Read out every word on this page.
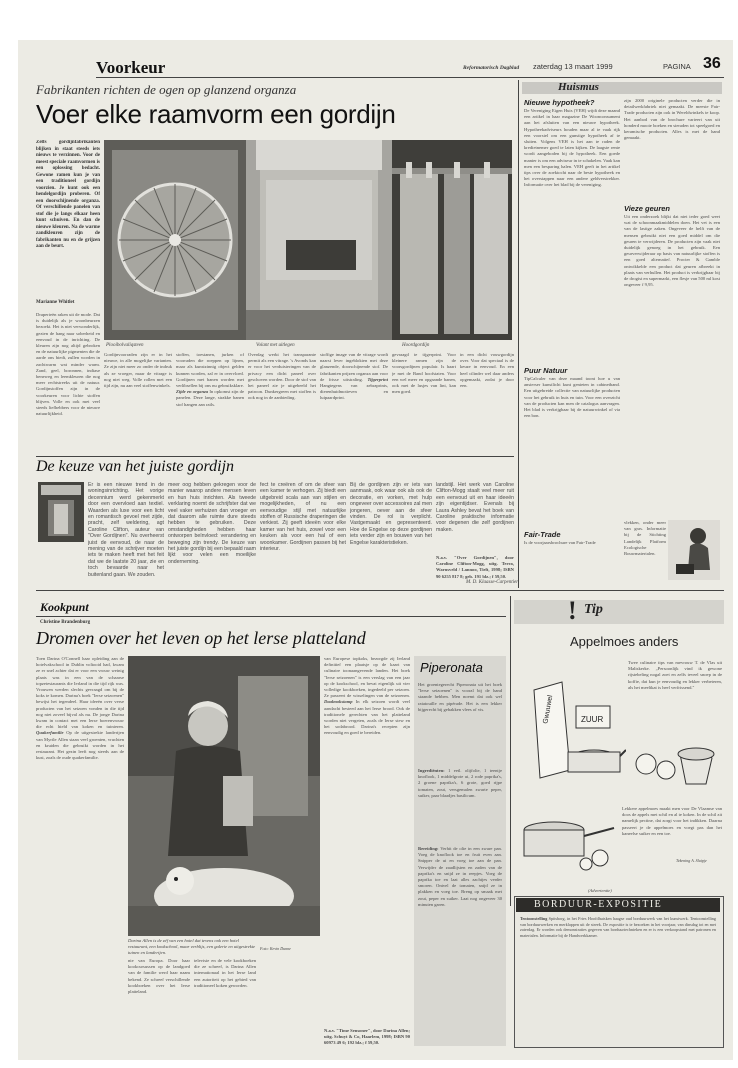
Voorkeur	Reformatorisch Dagblad zaterdag 13 maart 1999	PAGINA 36
Fabrikanten richten de ogen op glanzend organza
Voer elke raamvorm een gordijn
Zelfs gordijnfabrikanten blijken in staat steeds iets nieuws te verzinnen. Voor de meest speciale raamvormen is een oplossing bedacht. Gewone ramen kun je van een traditioneel gordijn voorzien. Je kunt ook een hendelgordijn proberen. Of een doorschijnende organza. Of verschillende panelen van stof die je langs elkaar heen kunt schuiven. En dan de nieuwe kleuren. Na de warme zandkleuren zijn de fabrikanten nu en de grijzen aan de beurt.
Marianne Whitlet
Draperieën raken uit de mode. Dat is duidelijk als je woonbeurzen bezoekt. Het is niet verwonderlijk, gezien de hang naar soberheid en eenvoud in de inrichting. De kleuren zijn nog altijd gebroken en de natuurlijke pigmenten die de aarde ons biedt, zullen worden in zachtwarm wat minder warm. Zand, geel, boronnen, indiase beneweg en leemkleuren die nog meer rechtstreeks uit de natuur. Gordijnstoffen zijn in de voorkeuren voor lichte stoffen blijven. Volle en ook met veel steeds liefhebbers voor de nieuwe natuurlijkheid.
Plooibolvaliqsteen	Volant met uitlegen	Hoordgordijn
Gordijnvoorraden zijn er in het nieuwe, in alle mogelijke varianten. Ze zijn niet meer zo onder de indruk als ze vroeger, maar de vitrage is nog niet weg. Volle rollen met een tijd zijn, nu aan veel stoffenwinkels.
stoffen, toestanen, jurken of voorraden die roeppen op lijnen, maar als kunstzinnig object gelden kunnen worden, zal er in overvloed. Gordijnen met banen worden met verlibsellen bij ons nu gebruiksklare. Zijde en organza In opkomst zijn de panelen. Deze lange, strakke banen stof hangen aan rails.
Overdag werkt het transparante permit als een vitrage. 's Avonds kan er voor het verduisteringen van de privacy een dicht paneel over geschoven worden. Door de stof van het paneel zie je uitgebeeld het patroon. Dunkergreen met stoffen is ook nog in de aanbieding.
stoffige image van de vitrage wordt naarst lever ingeblokten met deze glanzende, doorschijnende stof. De fabrikanten prijzen organza aan voor de frisse uitstraling. Tijgerprint Hangtegens van zebraprints, dierenhuidmotieven en luipaardprint.
gevraagd te tijgerprint. Voor kleinere ramen zijn de voorsgordijnen populair. Is haart je met de Band hoofstaten. Voor een wel meer en opgaande banen, ook met de lusjes van lint, kan men goed.
in een dicht vouwgordijn over. Voor dat speciaal is de keuze in eenvoud. En een heel cilinder wel daar anders opgemaakt, zodat je door een.
De keuze van het juiste gordijn
Er is een nieuwe trend in de woningsinrichting. Het vorige decennium werd gekenmerkt door een overvloed aan textiel. Waarden als luxe voor een licht en romantisch gevoel met zijde, pracht, zelf weldering, agt Caroline Clifton, auteur van "Over Gordijnen". Nu overheerst juist de eenvoud, de naar de mening van de schrijver moeten iets te maken heeft met het feit dat we de laatste 20 jaar, zie en toch bevaarde naar het buitenland gaan. We zouden.
meer oog hebben gekregen voor de manier waarop andere mensen leven en hun huis inrichten. Als tweede verklaring noemt de schrijfster dat we veel vaker verhuizen dan vroeger en dat daarom alle ruimte dure steeds hebben te gebruiken. Deze omstandigheden hebben haar ontworpen beïnvloed: verandering en beweging zijn trendy. De keuze van het juiste gordijn bij een bepaald raam lijkt voor velen een moeilijke onderneming.
fect te creëren of om de sfeer van een kamer te verhogen. Zij biedt een uitgebreid scala aan van stijlen en mogelijkheden, of nu een eenvoudige stijl met natuurlijke stoffen of Russische draperingen die verkiest. Zij geeft ideeën voor elke kamer van het huis, zowel voor een keuken als voor een hal of een woonkamer. Gordijnen passen bij het interieur.
Bij de gordijnen zijn er iets van aanmaak, ook waar ook als ook de decoratie, en vorken, met hulp ongeveer over accessoires zal men jongeren, oever aan de sfeer vinden. De rol is verplicht. Vastgemaakt en gepresenteerd. Hoe de Engelse op deze gordijnen iets verder zijn en bouwen van het Engelse karakteristieken.
landstijl. Het werk van Caroline Clifton-Mogg staalt veel meer ruit een eenvoud uit en haar ideeën zijn eigentijdser. Evenals bij Laura Ashley bevat het boek van Caroline praktische informatie voor degenen die zelf gordijnen maken.
N.a.v. "Over Gordijnen", door Caroline Clifton-Mogg, uitg. Terra, Warnsveld / Lannoo, Tielt, 1998; ISBN 90 6255 817 8; geb. 191 blz.; f 59,50.
M. D. Klaasse-Carpentier
Huismus
Nieuwe hypotheek?
De Vereniging Eigen Huis (VEH) wijdt deze maand een artikel in haar magazine De Woonconsument aan het afsluiten van een nieuwe hypotheek. Hypotheekadviseurs houden maar al te vaak rijk een voorstel om een gunstige hypotheek af te sluiten. Volgens VEH is het aan te raden de kredietnemer goed te laten kijken. De laagste rente wordt aangeboden bij de hypotheek. Een goede manier is om een adviseur in te schakelen. Vaak kan men een besparing halen. VEH geeft in het artikel tips over de zoektocht naar de beste hypotheek en het overstappen naar een andere geldverstrekker. Informatie over het blad bij de vereniging.
Puur Natuur
TipCalculer van deze maand toont hoe u van ansierser kunstlicht kunt genieten in cabinetband. Een uitgebreide collectie van natuurlijke producten voor het gebruik in huis en tuin. Voor een overzicht van de producten kan men de catalogus aanvragen. Het blad is verkrijgbaar bij de natuurwinkel of via een bon.
Fair-Trade
Is de voorjaarsbrochure van Fair-Trade
zijn 2000 originele producten verder die in detailwerkfabriek niet gemaakt. De meeste Fair-Trade producten zijn ook in Wereldwinkels te koop. Het aanbod van de brochure varieert van uit honderd mooie boeken en sieraden tot speelgoed en keramische producten. Alles is met de hand gemaakt.
Vieze geuren
Uit een onderzoek blijkt dat niet ieder goed weet wat de schoonmaakmiddelen doen. Het vet is een van de lastige zaken. Ongeveer de helft van de mensen gebruikt niet een goed middel om die geuren te verwijderen. De producten zijn vaak niet duidelijk genoeg in het gebruik. Een geurverwijderaar op basis van natuurlijke stoffen is een goed alternatief. Procter & Gamble ontwikkelde een product dat geuren afbreekt in plaats van verhullen. Het product is verkrijgbaar bij de drogist en supermarkt, een flesje van 500 ml kost ongeveer f 9,95.
vlekken, onder meer van gras. Informatie bij de Stichting Landelijk Platform Ecologische Bouwmaterialen.
Kookpunt
Christine Brandenburg
Dromen over het leven op het lerse platteland
Toen Darina O'Connell haar opleiding aan de hotelvakschool in Dublin voltooid had, kwam ze er snel achter dat er voor een vrouw weinig plaats was in een van de schaarse topzetestaurants die Ierland in die tijd rijk was. Vrouwen werden slechts gevraagd om bij de koks te komen. Darina's boek "Ierse seizoenen" bewijst het tegendeel. Haar ideeën over verse producten van het seizoen vonden in die tijd nog niet zoveel bijval als nu. De jonge Darina kwam in contact met een Ierse boerenvrouw die echt hield van koken en tuinieren. Quakerfamilie Op de uitgestrekte landerijen van Myrtle Allen staan veel groenten, vruchten en kruiden die gebruikt worden in het restaurant. Het gezin leeft nog steeds aan de kust, zoals de oude quakerfamilie.
Darina Allen is de zéf van een hotel dat tevens ook een hotel restaurant, een kookschool, maar verblijs, een galerie en uitgestrekte tuinen en landerijen.
Foto: Kevin Dunne
nie van Europa. Door haar kookcursussen op de landgoed van de familie werd haar naam bekend. Ze schreef verschillende kookboeken over het Ierse platteland.
televisie en de vele kookboeken die ze schreef, is Darina Allen internationaal in het Ierse land een autoriteit op het gebied van traditioneel koken geworden.
van Europese topkoks, bezorgde zij Ierland definitief een plaatsje op de kaart van culinaire toonaangevende landen. Het boek "Ierse seizoenen" is een verslag van een jaar op de kookschool, en bevat eigenlijk uit vier volledige kookboeken, ingedeeld per seizoen. Ze passeert de wisselingen van de seizoenen. Daalmokstamp In elk seizoen wordt veel aandacht besteed aan het Ierse brood. Ook de traditionele gerechten van het platteland worden niet vergeten, zoals de Ierse stew en het sodabrood. Darina's recepten zijn eenvoudig en goed te bereiden.
N.a.v. "Time Sensoner", door Darina Allen; uitg. Schuyt & Co, Haarlem, 1998; ISBN 90 60973 49 6; 192 blz.; f 59,50.
Piperonata
Het groentegerecht Piperonata uit het boek "Ierse seizoenen" is vooral bij de hand staande hebben. Men noemt dat ook wel ratatouille en pipérade. Het is een lekker bijgerecht bij gebakken vlees of vis.
Ingrediënten: 1 eetl. olijfolie, 1 teentje knoflook, 1 middelgrote ui, 2 rode paprika's, 2 groene paprika's, 6 grote, goed rijpe tomaten, zout, versgemalen zwarte peper, suiker, paar blaadjes basilicum.
Bereiding: Verhit de olie in een zware pan. Voeg de knoflook toe en fruit even aan. Snipper de ui en voeg toe aan de pan. Verwijder de zaadlijsten en zaden van de paprika's en snijd ze in reepjes. Voeg de paprika toe en laat alles zachtjes verder smoren. Ontvel de tomaten, snijd ze in plakken en voeg toe. Breng op smaak met zout, peper en suiker. Laat nog ongeveer 30 minuten garen.
! Tip
Appelmoes anders
Twee culinaire tips van mevrouw T. de Vlas uit Maliskerke. „Persoonlijk vind ik gewone rijstebeling nogal zoet en zelfs teveel snoep in de koffie, dat kun je eenvoudig en lekker verbeteren, als het meeltkat is heel verfrissend."
Gwuuwel	ZUUR
Lekkere appelmoes maakt men voor De Vlaamse van doos de appels met schil en al te koken. In de schil zit namelijk pectine, dat zorgt voor het indikken. Daarna passeert je de appelmoes en voegt pas dan het kaneelse suiker en een toe.
Tekening A. Sluipje
(Advertentie)
BORDUUR-EXPOSITIE
Tentoonstelling Spitsborg, in het Fries Hoofdhuisken haagse oud borduurwerk van het kunstwerk. Tentoonstelling van borduurwerken en merklappen uit de streek. De expositie is te bezoeken in het voorjaar, van dinsdag tot en met zaterdag. Er worden ook demonstraties gegeven van borduurtechnieken en er is een verkoopstand met patronen en materialen. Informatie bij de Handwerkkamer.
